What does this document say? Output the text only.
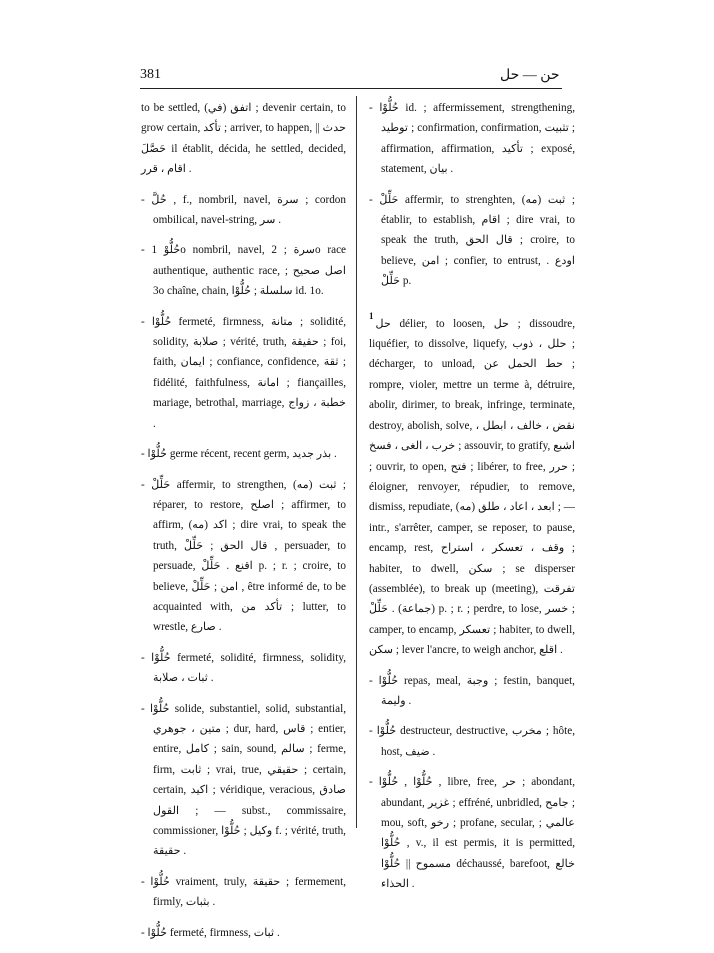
381	حن — حل

to be settled, اتفق (في) ; devenir certain, to grow certain, تأكد ; arriver, to happen, حدث || حَصَّلَ il établit, décida, he settled, decided, اقام ، قرر .

- حُلَّ , f., nombril, navel, سرة ; cordon ombilical, navel-string, سر .

- حُلُّوْ 1o nombril, navel, سرة ; 2o race authentique, authentic race, اصل صحيح ; 3o chaîne, chain, سلسلة ; حُلُّوْا id. 1o.

- حُلُّوْا fermeté, firmness, متانة ; solidité, solidity, صلابة ; vérité, truth, حقيقة ; foi, faith, ايمان ; confiance, confidence, ثقة ; fidélité, faithfulness, امانة ; fiançailles, mariage, betrothal, marriage, خطبة ، زواج .

- حُلُّوْا germe récent, recent germ, بذر جديد .

- حَلِّلْ affermir, to strengthen, ثبت (مه) ; réparer, to restore, اصلح ; affirmer, to affirm, اكد (مه) ; dire vrai, to speak the truth, قال الحق ; حَلِّلْ , persuader, to persuade, اقنع . حَلِّلْ p. ; r. ; croire, to believe, امن ; حَلِّلْ , être informé de, to be acquainted with, تأكد من ; lutter, to wrestle, صارع .

- حُلُّوْا fermeté, solidité, firmness, solidity, ثبات ، صلابة .

- حُلُّوْا solide, substantiel, solid, substantial, متين ، جوهري ; dur, hard, قاس ; entier, entire, كامل ; sain, sound, سالم ; ferme, firm, ثابت ; vrai, true, حقيقي ; certain, certain, اكيد ; véridique, veracious, صادق القول ; — subst., commissaire, commissioner, وكيل ; حُلُّوْا f. ; vérité, truth, حقيقة .

- حُلُّوْا vraiment, truly, حقيقة ; fermement, firmly, بثبات .

- حُلُّوْا fermeté, firmness, ثبات .

- حُلُّوْا id. ; affermissement, strengthening, توطيد ; confirmation, confirmation, تثبيت ; affirmation, affirmation, تأكيد ; exposé, statement, بيان .

- حَلِّلْ affermir, to strenghten, ثبت (مه) ; établir, to establish, اقام ; dire vrai, to speak the truth, قال الحق ; croire, to believe, امن ; confier, to entrust, اودع . حَلِّلْ p.

$^1$حل délier, to loosen, حل ; dissoudre, liquéfier, to dissolve, liquefy, حلل ، ذوب ; décharger, to unload, حط الحمل عن ; rompre, violer, mettre un terme à, détruire, abolir, dirimer, to break, infringe, terminate, destroy, abolish, solve, نقض ، خالف ، ابطل ، خرب ، الغى ، فسخ ; assouvir, to gratify, اشبع ; ouvrir, to open, فتح ; libérer, to free, حرر ; éloigner, renvoyer, répudier, to remove, dismiss, repudiate, ابعد ، اعاد ، طلق (مه) ; — intr., s'arrêter, camper, se reposer, to pause, encamp, rest, وقف ، تعسكر ، استراح ; habiter, to dwell, سكن ; se disperser (assemblée), to break up (meeting), تفرقت (جماعة) . حَلِّلْ p. ; r. ; perdre, to lose, خسر ; camper, to encamp, تعسكر ; habiter, to dwell, سكن ; lever l'ancre, to weigh anchor, اقلع .

- حُلُّوْا repas, meal, وجبة ; festin, banquet, وليمة .

- حُلُّوْا destructeur, destructive, مخرب ; hôte, host, ضيف .

- حُلُّوْا , حُلُّوْا , libre, free, حر ; abondant, abundant, غزير ; effréné, unbridled, جامح ; mou, soft, رخو ; profane, secular, عالمي ; حُلُّوْا , v., il est permis, it is permitted, مسموح || حُلُّوْا déchaussé, barefoot, خالع الحذاء .
